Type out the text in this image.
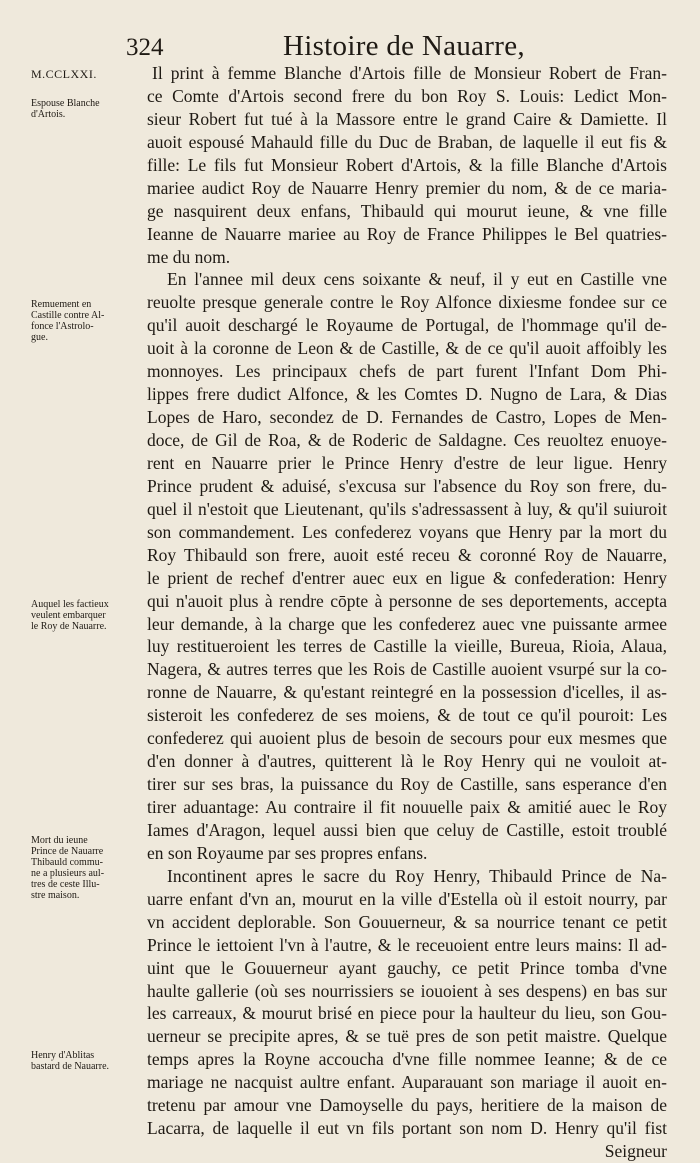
324	Histoire de Nauarre,
M.CCLXXI.
Espouse Blanche
d'Artois.
Remuement en
Castille contre Al-
fonce l'Astrolo-
gue.
Auquel les factieux
veulent embarquer
le Roy de Nauarre.
Mort du ieune
Prince de Nauarre
Thibauld commu-
ne a plusieurs aul-
tres de ceste Illu-
stre maison.
Henry d'Ablitas
bastard de Nauarre.
Il print à femme Blanche d'Artois fille de Monsieur Robert de Fran-
ce Comte d'Artois second frere du bon Roy S. Louis: Ledict Mon-
sieur Robert fut tué à la Massore entre le grand Caire & Damiette. Il
auoit espousé Mahauld fille du Duc de Braban, de laquelle il eut fis &
fille: Le fils fut Monsieur Robert d'Artois, & la fille Blanche d'Artois
mariee audict Roy de Nauarre Henry premier du nom, & de ce maria-
ge nasquirent deux enfans, Thibauld qui mourut ieune, & vne fille
Ieanne de Nauarre mariee au Roy de France Philippes le Bel quatries-
me du nom.
En l'annee mil deux cens soixante & neuf, il y eut en Castille vne
reuolte presque generale contre le Roy Alfonce dixiesme fondee sur ce
qu'il auoit deschargé le Royaume de Portugal, de l'hommage qu'il de-
uoit à la coronne de Leon & de Castille, & de ce qu'il auoit affoibly les
monnoyes. Les principaux chefs de part furent l'Infant Dom Phi-
lippes frere dudict Alfonce, & les Comtes D. Nugno de Lara, & Dias
Lopes de Haro, secondez de D. Fernandes de Castro, Lopes de Men-
doce, de Gil de Roa, & de Roderic de Saldagne. Ces reuoltez enuoye-
rent en Nauarre prier le Prince Henry d'estre de leur ligue. Henry
Prince prudent & aduisé, s'excusa sur l'absence du Roy son frere, du-
quel il n'estoit que Lieutenant, qu'ils s'adressassent à luy, & qu'il suiuroit
son commandement. Les confederez voyans que Henry par la mort du
Roy Thibauld son frere, auoit esté receu & coronné Roy de Nauarre,
le prient de rechef d'entrer auec eux en ligue & confederation: Henry
qui n'auoit plus à rendre cōpte à personne de ses deportements, accepta
leur demande, à la charge que les confederez auec vne puissante armee
luy restitueroient les terres de Castille la vieille, Bureua, Rioia, Alaua,
Nagera, & autres terres que les Rois de Castille auoient vsurpé sur la co-
ronne de Nauarre, & qu'estant reintegré en la possession d'icelles, il as-
sisteroit les confederez de ses moiens, & de tout ce qu'il pouroit: Les
confederez qui auoient plus de besoin de secours pour eux mesmes que
d'en donner à d'autres, quitterent là le Roy Henry qui ne vouloit at-
tirer sur ses bras, la puissance du Roy de Castille, sans esperance d'en
tirer aduantage: Au contraire il fit nouuelle paix & amitié auec le Roy
Iames d'Aragon, lequel aussi bien que celuy de Castille, estoit troublé
en son Royaume par ses propres enfans.
Incontinent apres le sacre du Roy Henry, Thibauld Prince de Na-
uarre enfant d'vn an, mourut en la ville d'Estella où il estoit nourry, par
vn accident deplorable. Son Gouuerneur, & sa nourrice tenant ce petit
Prince le iettoient l'vn à l'autre, & le receuoient entre leurs mains: Il ad-
uint que le Gouuerneur ayant gauchy, ce petit Prince tomba d'vne
haulte gallerie (où ses nourrissiers se iouoient à ses despens) en bas sur
les carreaux, & mourut brisé en piece pour la haulteur du lieu, son Gou-
uerneur se precipite apres, & se tuë pres de son petit maistre. Quelque
temps apres la Royne accoucha d'vne fille nommee Ieanne; & de ce
mariage ne nacquist aultre enfant. Auparauant son mariage il auoit en-
tretenu par amour vne Damoyselle du pays, heritiere de la maison de
Lacarra, de laquelle il eut vn fils portant son nom D. Henry qu'il fist
Seigneur
